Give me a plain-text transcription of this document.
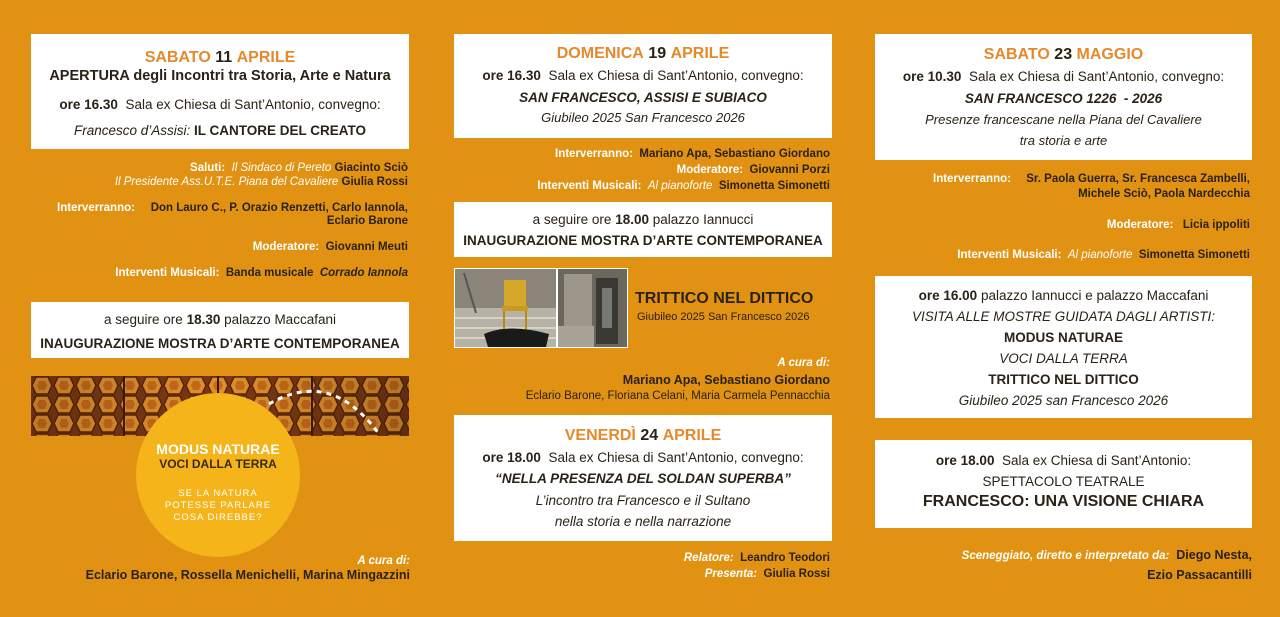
SABATO 11 APRILE
APERTURA degli Incontri tra Storia, Arte e Natura
ore 16.30 Sala ex Chiesa di Sant’Antonio, convegno:
Francesco d’Assisi: IL CANTORE DEL CREATO
Saluti: Il Sindaco di Pereto Giacinto Sciò
Il Presidente Ass.U.T.E. Piana del Cavaliere Giulia Rossi
Interverranno: Don Lauro C., P. Orazio Renzetti, Carlo Iannola,
Eclario Barone
Moderatore: Giovanni Meuti
Interventi Musicali: Banda musicale Corrado Iannola
a seguire ore 18.30 palazzo Maccafani
INAUGURAZIONE MOSTRA D’ARTE CONTEMPORANEA
MODUS NATURAE
VOCI DALLA TERRA
SE LA NATURA
POTESSE PARLARE
COSA DIREBBE?
A cura di:
Eclario Barone, Rossella Menichelli, Marina Mingazzini
DOMENICA 19 APRILE
ore 16.30 Sala ex Chiesa di Sant’Antonio, convegno:
SAN FRANCESCO, ASSISI E SUBIACO
Giubileo 2025 San Francesco 2026
Interverranno: Mariano Apa, Sebastiano Giordano
Moderatore: Giovanni Porzi
Interventi Musicali: Al pianoforte Simonetta Simonetti
a seguire ore 18.00 palazzo Iannucci
INAUGURAZIONE MOSTRA D’ARTE CONTEMPORANEA
TRITTICO NEL DITTICO
Giubileo 2025 San Francesco 2026
A cura di:
Mariano Apa, Sebastiano Giordano
Eclario Barone, Floriana Celani, Maria Carmela Pennacchia
VENERDÌ 24 APRILE
ore 18.00 Sala ex Chiesa di Sant’Antonio, convegno:
“NELLA PRESENZA DEL SOLDAN SUPERBA”
L’incontro tra Francesco e il Sultano
nella storia e nella narrazione
Relatore: Leandro Teodori
Presenta: Giulia Rossi
SABATO 23 MAGGIO
ore 10.30 Sala ex Chiesa di Sant’Antonio, convegno:
SAN FRANCESCO 1226  - 2026
Presenze francescane nella Piana del Cavaliere
tra storia e arte
Interverranno: Sr. Paola Guerra, Sr. Francesca Zambelli,
Michele Sciò, Paola Nardecchia
Moderatore: Licia ippoliti
Interventi Musicali: Al pianoforte Simonetta Simonetti
ore 16.00 palazzo Iannucci e palazzo Maccafani
VISITA ALLE MOSTRE GUIDATA DAGLI ARTISTI:
MODUS NATURAE
VOCI DALLA TERRA
TRITTICO NEL DITTICO
Giubileo 2025 san Francesco 2026
ore 18.00 Sala ex Chiesa di Sant’Antonio:
SPETTACOLO TEATRALE
FRANCESCO: UNA VISIONE CHIARA
Sceneggiato, diretto e interpretato da: Diego Nesta,
Ezio Passacantilli
